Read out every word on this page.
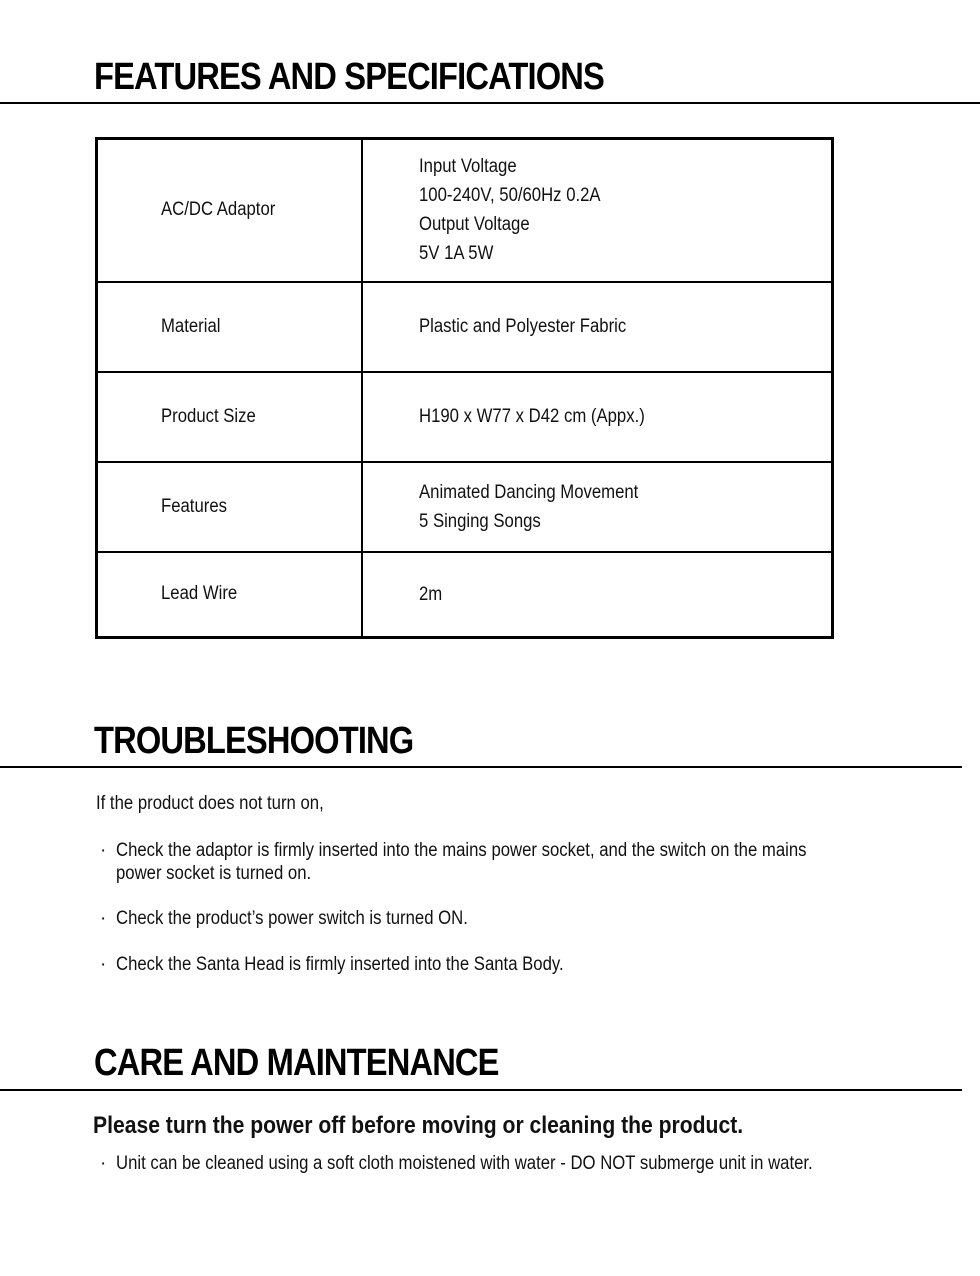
FEATURES AND SPECIFICATIONS
AC/DC Adaptor	Input Voltage
100-240V, 50/60Hz 0.2A
Output Voltage
5V 1A 5W

Material	Plastic and Polyester Fabric

Product Size	H190 x W77 x D42 cm (Appx.)

Features	Animated Dancing Movement
5 Singing Songs

Lead Wire	2m
TROUBLESHOOTING
If the product does not turn on,
· Check the adaptor is firmly inserted into the mains power socket, and the switch on the mains
power socket is turned on.
· Check the product’s power switch is turned ON.
· Check the Santa Head is firmly inserted into the Santa Body.
CARE AND MAINTENANCE
Please turn the power off before moving or cleaning the product.
· Unit can be cleaned using a soft cloth moistened with water - DO NOT submerge unit in water.
